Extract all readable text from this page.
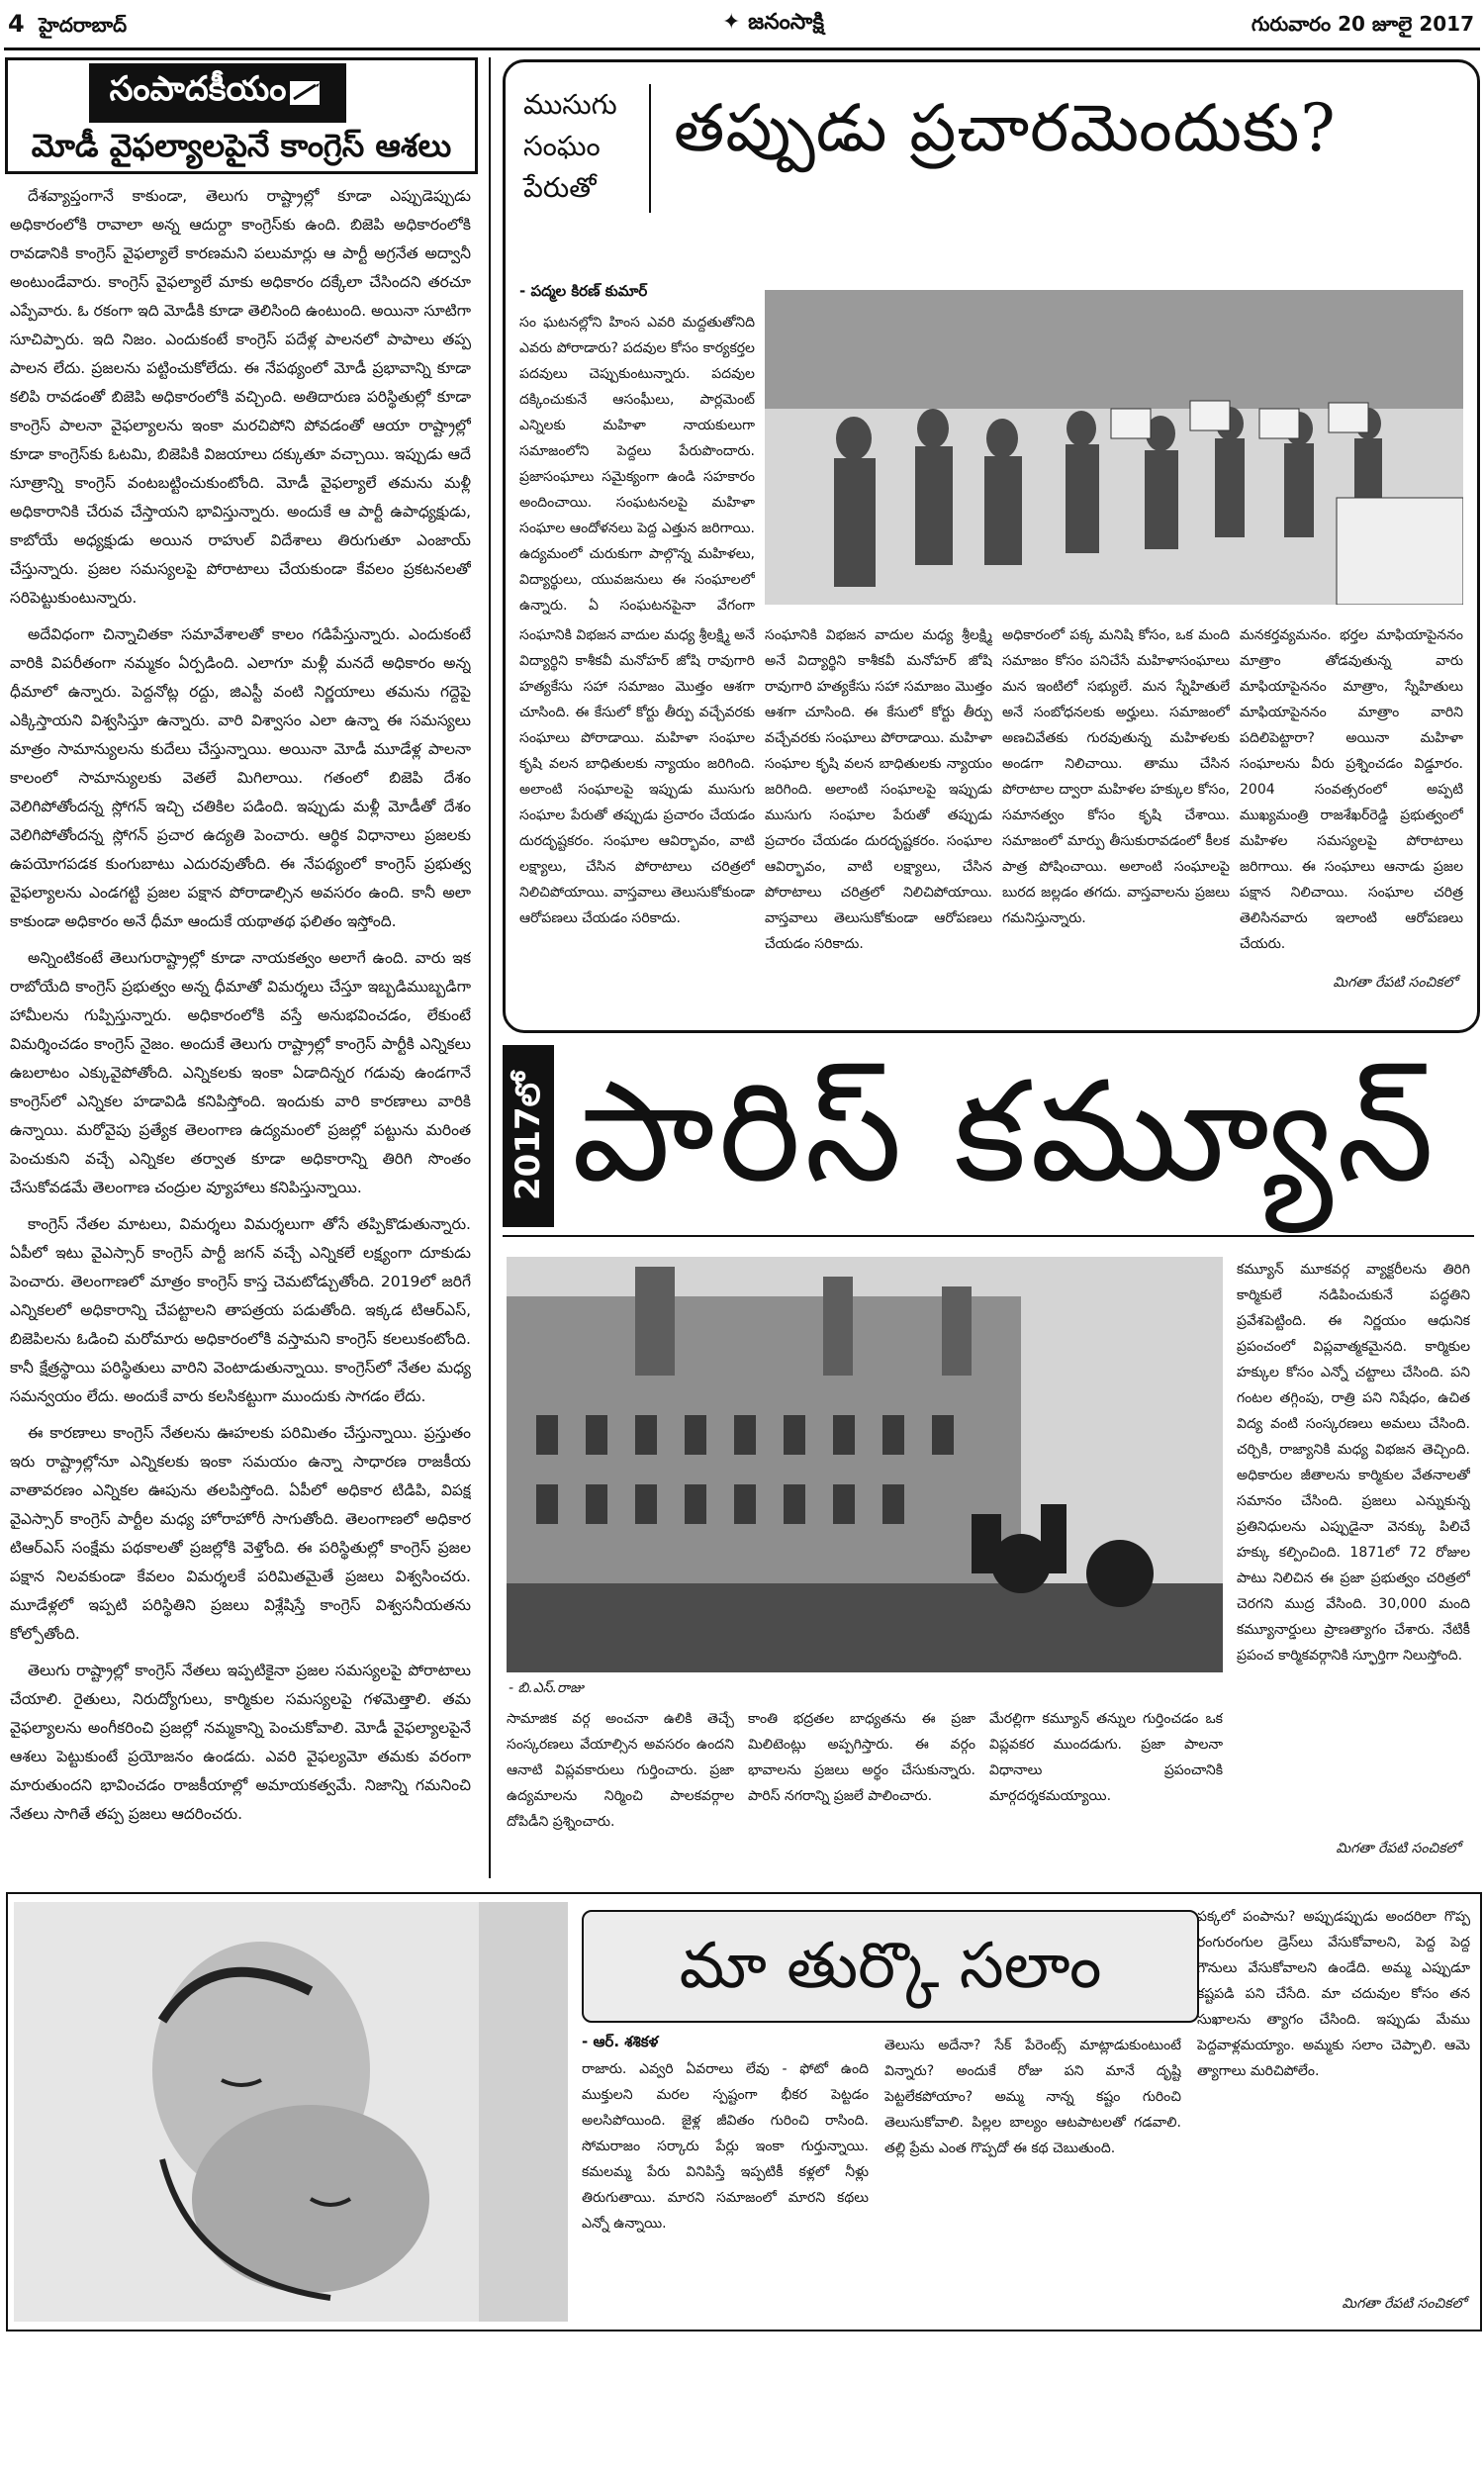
4 హైదరాబాద్	✦ జనంసాక్షి	గురువారం 20 జూలై 2017
సంపాదకీయం
మోడీ వైఫల్యాలపైనే కాంగ్రెస్‌ ఆశలు

దేశవ్యాప్తంగానే కాకుండా, తెలుగు రాష్ట్రాల్లో కూడా ఎప్పుడెప్పుడు అధికారంలోకి రావాలా అన్న ఆదుర్దా కాంగ్రెస్‌కు ఉంది. బిజెపి అధికారంలోకి రావడానికి కాంగ్రెస్‌ వైఫల్యాలే కారణమని పలుమార్లు ఆ పార్టీ అగ్రనేత అద్వానీ అంటుండేవారు. కాంగ్రెస్‌ వైఫల్యాలే మాకు అధికారం దక్కేలా చేసిందని తరచూ ఎప్పేవారు. ఓ రకంగా ఇది మోడీకి కూడా తెలిసింది ఉంటుంది. అయినా సూటిగా సూచిప్పారు. ఇది నిజం. ఎందుకంటే కాంగ్రెస్‌ పదేళ్ల పాలనలో పాపాలు తప్ప పాలన లేదు. ప్రజలను పట్టించుకోలేదు. ఈ నేపథ్యంలో మోడీ ప్రభావాన్ని కూడా కలిపి రావడంతో బిజెపి అధికారంలోకి వచ్చింది. అతిదారుణ పరిస్థితుల్లో కూడా కాంగ్రెస్‌ పాలనా వైఫల్యాలను ఇంకా మరచిపోని పోవడంతో ఆయా రాష్ట్రాల్లో కూడా కాంగ్రెస్‌కు ఓటమి, బిజెపికి విజయాలు దక్కుతూ వచ్చాయి. ఇప్పుడు ఆదే సూత్రాన్ని కాంగ్రెస్‌ వంటబట్టించుకుంటోంది. మోడీ వైఫల్యాలే తమను మళ్లీ అధికారానికి చేరువ చేస్తాయని భావిస్తున్నారు. అందుకే ఆ పార్టీ ఉపాధ్యక్షుడు, కాబోయే అధ్యక్షుడు అయిన రాహుల్‌ విదేశాలు తిరుగుతూ ఎంజాయ్‌ చేస్తున్నారు. ప్రజల సమస్యలపై పోరాటాలు చేయకుండా కేవలం ప్రకటనలతో సరిపెట్టుకుంటున్నారు.

అదేవిధంగా చిన్నాచితకా సమావేశాలతో కాలం గడిపేస్తున్నారు. ఎందుకంటే వారికి విపరీతంగా నమ్మకం ఏర్పడింది. ఎలాగూ మళ్లీ మనదే అధికారం అన్న ధీమాలో ఉన్నారు. పెద్దనోట్ల రద్దు, జిఎస్టీ వంటి నిర్ణయాలు తమను గద్దెపై ఎక్కిస్తాయని విశ్వసిస్తూ ఉన్నారు. వారి విశ్వాసం ఎలా ఉన్నా ఈ సమస్యలు మాత్రం సామాన్యులను కుదేలు చేస్తున్నాయి. అయినా మోడీ మూడేళ్ల పాలనా కాలంలో సామాన్యులకు వెతలే మిగిలాయి. గతంలో బిజెపి దేశం వెలిగిపోతోందన్న స్లోగన్‌ ఇచ్చి చతికిల పడింది. ఇప్పుడు మళ్లీ మోడీతో దేశం వెలిగిపోతోందన్న స్లోగన్‌ ప్రచార ఉద్యతి పెంచారు. ఆర్థిక విధానాలు ప్రజలకు ఉపయోగపడక కుంగుబాటు ఎదురవుతోంది. ఈ నేపథ్యంలో కాంగ్రెస్‌ ప్రభుత్వ వైఫల్యాలను ఎండగట్టి ప్రజల పక్షాన పోరాడాల్సిన అవసరం ఉంది. కానీ అలా కాకుండా అధికారం అనే ధీమా ఆందుకే యథాతథ ఫలితం ఇస్తోంది.

అన్నింటికంటే తెలుగురాష్ట్రాల్లో కూడా నాయకత్వం అలాగే ఉంది. వారు ఇక రాబోయేది కాంగ్రెస్‌ ప్రభుత్వం అన్న ధీమాతో విమర్శలు చేస్తూ ఇబ్బడిముబ్బడిగా హామీలను గుప్పిస్తున్నారు. అధికారంలోకి వస్తే అనుభవించడం, లేకుంటే విమర్శించడం కాంగ్రెస్‌ నైజం. అందుకే తెలుగు రాష్ట్రాల్లో కాంగ్రెస్‌ పార్టీకి ఎన్నికలు ఉబలాటం ఎక్కువైపోతోంది. ఎన్నికలకు ఇంకా ఏడాదిన్నర గడువు ఉండగానే కాంగ్రెస్‌లో ఎన్నికల హడావిడి కనిపిస్తోంది. ఇందుకు వారి కారణాలు వారికి ఉన్నాయి. మరోవైపు ప్రత్యేక తెలంగాణ ఉద్యమంలో ప్రజల్లో పట్టును మరింత పెంచుకుని వచ్చే ఎన్నికల తర్వాత కూడా అధికారాన్ని తిరిగి సొంతం చేసుకోవడమే తెలంగాణ చంద్రుల వ్యూహాలు కనిపిస్తున్నాయి.

కాంగ్రెస్‌ నేతల మాటలు, విమర్శలు విమర్శలుగా తోసే తప్పికొడుతున్నారు. ఏపీలో ఇటు వైఎస్సార్‌ కాంగ్రెస్‌ పార్టీ జగన్‌ వచ్చే ఎన్నికలే లక్ష్యంగా దూకుడు పెంచారు. తెలంగాణలో మాత్రం కాంగ్రెస్‌ కాస్త చెమటోడ్చుతోంది. 2019లో జరిగే ఎన్నికలలో అధికారాన్ని చేపట్టాలని తాపత్రయ పడుతోంది. ఇక్కడ టిఆర్‌ఎస్‌, బిజెపిలను ఓడించి మరోమారు అధికారంలోకి వస్తామని కాంగ్రెస్‌ కలలుకంటోంది. కానీ క్షేత్రస్థాయి పరిస్థితులు వారిని వెంటాడుతున్నాయి. కాంగ్రెస్‌లో నేతల మధ్య సమన్వయం లేదు. అందుకే వారు కలసికట్టుగా ముందుకు సాగడం లేదు.

ఈ కారణాలు కాంగ్రెస్‌ నేతలను ఊహలకు పరిమితం చేస్తున్నాయి. ప్రస్తుతం ఇరు రాష్ట్రాల్లోనూ ఎన్నికలకు ఇంకా సమయం ఉన్నా సాధారణ రాజకీయ వాతావరణం ఎన్నికల ఊపును తలపిస్తోంది. ఏపీలో అధికార టిడిపి, విపక్ష వైఎస్సార్‌ కాంగ్రెస్‌ పార్టీల మధ్య హోరాహోరీ సాగుతోంది. తెలంగాణలో అధికార టిఆర్‌ఎస్‌ సంక్షేమ పథకాలతో ప్రజల్లోకి వెళ్తోంది. ఈ పరిస్థితుల్లో కాంగ్రెస్‌ ప్రజల పక్షాన నిలవకుండా కేవలం విమర్శలకే పరిమితమైతే ప్రజలు విశ్వసించరు. మూడేళ్లలో ఇప్పటి పరిస్థితిని ప్రజలు విశ్లేషిస్తే కాంగ్రెస్‌ విశ్వసనీయతను కోల్పోతోంది.

తెలుగు రాష్ట్రాల్లో కాంగ్రెస్‌ నేతలు ఇప్పటికైనా ప్రజల సమస్యలపై పోరాటాలు చేయాలి. రైతులు, నిరుద్యోగులు, కార్మికుల సమస్యలపై గళమెత్తాలి. తమ వైఫల్యాలను అంగీకరించి ప్రజల్లో నమ్మకాన్ని పెంచుకోవాలి. మోడీ వైఫల్యాలపైనే ఆశలు పెట్టుకుంటే ప్రయోజనం ఉండదు. ఎవరి వైఫల్యమో తమకు వరంగా మారుతుందని భావించడం రాజకీయాల్లో అమాయకత్వమే. నిజాన్ని గమనించి నేతలు సాగితే తప్ప ప్రజలు ఆదరించరు.

ముసుగు
సంఘం
పేరుతో
తప్పుడు ప్రచారమెందుకు?
- పద్మల కిరణ్‌ కుమార్‌
సం ఘటనల్లోని హింస ఎవరి మద్దతుతోనిది ఎవరు పోరాడారు? పదవుల కోసం కార్యకర్తల పదవులు చెప్పుకుంటున్నారు. పదవుల దక్కించుకునే ఆసంఘీలు, పార్లమెంట్‌ ఎన్నిలకు మహిళా నాయకులుగా సమాజంలోని పెద్దలు పేరుపొందారు. ప్రజాసంఘాలు సమైక్యంగా ఉండి సహకారం అందించాయి. సంఘటనలపై మహిళా సంఘాల ఆందోళనలు పెద్ద ఎత్తున జరిగాయి. ఉద్యమంలో చురుకుగా పాల్గొన్న మహిళలు, విద్యార్థులు, యువజనులు ఈ సంఘాలలో ఉన్నారు. ఏ సంఘటనపైనా వేగంగా
సంఘానికి విభజన వాదుల మధ్య శ్రీలక్ష్మి అనే విద్యార్థిని కాశీకవీ మనోహర్‌ జోషి రావుగారి హత్యకేసు సహా సమాజం మొత్తం ఆశగా చూసింది. ఈ కేసులో కోర్టు తీర్పు వచ్చేవరకు సంఘాలు పోరాడాయి. మహిళా సంఘాల కృషి వలన బాధితులకు న్యాయం జరిగింది. అలాంటి సంఘాలపై ఇప్పుడు ముసుగు సంఘాల పేరుతో తప్పుడు ప్రచారం చేయడం దురదృష్టకరం. సంఘాల ఆవిర్భావం, వాటి లక్ష్యాలు, చేసిన పోరాటాలు చరిత్రలో నిలిచిపోయాయి. వాస్తవాలు తెలుసుకోకుండా ఆరోపణలు చేయడం సరికాదు.
సంఘానికి విభజన వాదుల మధ్య శ్రీలక్ష్మి అనే విద్యార్థిని కాశీకవీ మనోహర్‌ జోషి రావుగారి హత్యకేసు సహా సమాజం మొత్తం ఆశగా చూసింది. ఈ కేసులో కోర్టు తీర్పు వచ్చేవరకు సంఘాలు పోరాడాయి. మహిళా సంఘాల కృషి వలన బాధితులకు న్యాయం జరిగింది. అలాంటి సంఘాలపై ఇప్పుడు ముసుగు సంఘాల పేరుతో తప్పుడు ప్రచారం చేయడం దురదృష్టకరం. సంఘాల ఆవిర్భావం, వాటి లక్ష్యాలు, చేసిన పోరాటాలు చరిత్రలో నిలిచిపోయాయి. వాస్తవాలు తెలుసుకోకుండా ఆరోపణలు చేయడం సరికాదు.
అధికారంలో పక్క మనిషి కోసం, ఒక మంది సమాజం కోసం పనిచేసే మహిళాసంఘాలు మన ఇంటిలో సభ్యులే. మన స్నేహితులే అనే సంబోధనలకు అర్హులు. సమాజంలో అణచివేతకు గురవుతున్న మహిళలకు అండగా నిలిచాయి. తాము చేసిన పోరాటాల ద్వారా మహిళల హక్కుల కోసం, సమానత్వం కోసం కృషి చేశాయి. సమాజంలో మార్పు తీసుకురావడంలో కీలక పాత్ర పోషించాయి. అలాంటి సంఘాలపై బురద జల్లడం తగదు. వాస్తవాలను ప్రజలు గమనిస్తున్నారు.
మనకర్తవ్యమనం. భర్తల మాఫియాపైననం మాత్రాం తోడవుతున్న వారు మాఫియాపైననం మాత్రాం, స్నేహితులు మాఫియాపైననం మాత్రాం వారిని పదిలిపెట్టారా? అయినా మహిళా సంఘాలను వీరు ప్రశ్నించడం విడ్డూరం. 2004 సంవత్సరంలో అప్పటి ముఖ్యమంత్రి రాజశేఖర్‌రెడ్డి ప్రభుత్వంలో మహిళల సమస్యలపై పోరాటాలు జరిగాయి. ఈ సంఘాలు ఆనాడు ప్రజల పక్షాన నిలిచాయి. సంఘాల చరిత్ర తెలిసినవారు ఇలాంటి ఆరోపణలు చేయరు.
మిగతా రేపటి సంచికలో
2017లో పారిస్‌ కమ్యూన్‌
- బి.ఎస్‌.రాజు
సామాజిక వర్గ అంచనా ఉలికి తెచ్చే సంస్కరణలు వేయాల్సిన అవసరం ఉందని ఆనాటి విప్లవకారులు గుర్తించారు. ప్రజా ఉద్యమాలను నిర్మించి పాలకవర్గాల దోపిడీని ప్రశ్నించారు.
కాంతి భద్రతల బాధ్యతను ఈ ప్రజా మిలిటెంట్లు అప్పగిస్తారు. ఈ వర్గం భావాలను ప్రజలు అర్థం చేసుకున్నారు. పారిస్‌ నగరాన్ని ప్రజలే పాలించారు.
మేరల్లిగా కమ్యూన్‌ తన్నుల గుర్తించడం ఒక విప్లవకర ముందడుగు. ప్రజా పాలనా విధానాలు ప్రపంచానికి మార్గదర్శకమయ్యాయి.
కమ్యూన్‌ మూకవర్గ వ్యాక్టరీలను తిరిగి కార్మికులే నడిపించుకునే పద్ధతిని ప్రవేశపెట్టింది. ఈ నిర్ణయం ఆధునిక ప్రపంచంలో విప్లవాత్మకమైనది. కార్మికుల హక్కుల కోసం ఎన్నో చట్టాలు చేసింది. పని గంటల తగ్గింపు, రాత్రి పని నిషేధం, ఉచిత విద్య వంటి సంస్కరణలు అమలు చేసింది. చర్చికి, రాజ్యానికి మధ్య విభజన తెచ్చింది. అధికారుల జీతాలను కార్మికుల వేతనాలతో సమానం చేసింది. ప్రజలు ఎన్నుకున్న ప్రతినిధులను ఎప్పుడైనా వెనక్కు పిలిచే హక్కు కల్పించింది. 1871లో 72 రోజుల పాటు నిలిచిన ఈ ప్రజా ప్రభుత్వం చరిత్రలో చెరగని ముద్ర వేసింది. 30,000 మంది కమ్యూనార్డులు ప్రాణత్యాగం చేశారు. నేటికీ ప్రపంచ కార్మికవర్గానికి స్ఫూర్తిగా నిలుస్తోంది.
మిగతా రేపటి సంచికలో
మా తుర్కొ సలాం
- ఆర్‌. శశికళ
రాజారు. ఎవ్వరి ఏవరాలు లేవు - ఫోటో ఉంది ముక్తులని మరల స్పష్టంగా భీకర పెట్టడం అలసిపోయింది. జైళ్ల జీవితం గురించి రాసింది. సోమరాజం సర్కారు పేర్లు ఇంకా గుర్తున్నాయి. కమలమ్మ పేరు వినిపిస్తే ఇప్పటికీ కళ్లలో నీళ్లు తిరుగుతాయి. మారని సమాజంలో మారని కథలు ఎన్నో ఉన్నాయి.
తెలుసు అదేనా? సేక్‌ పేరెంట్స్‌ మాట్లాడుకుంటుంటే విన్నారు? అందుకే రోజు పని మానే దృష్టి పెట్టలేకపోయాం? అమ్మ నాన్న కష్టం గురించి తెలుసుకోవాలి. పిల్లల బాల్యం ఆటపాటలతో గడవాలి. తల్లి ప్రేమ ఎంత గొప్పదో ఈ కథ చెబుతుంది.
పక్కలో పంపాను? అప్పుడప్పుడు అందరిలా గొప్ప రంగురంగుల డ్రెస్‌లు వేసుకోవాలని, పెద్ద పెద్ద గౌనులు వేసుకోవాలని ఉండేది. అమ్మ ఎప్పుడూ కష్టపడి పని చేసేది. మా చదువుల కోసం తన సుఖాలను త్యాగం చేసింది. ఇప్పుడు మేము పెద్దవాళ్లమయ్యాం. అమ్మకు సలాం చెప్పాలి. ఆమె త్యాగాలు మరిచిపోలేం.
మిగతా రేపటి సంచికలో
